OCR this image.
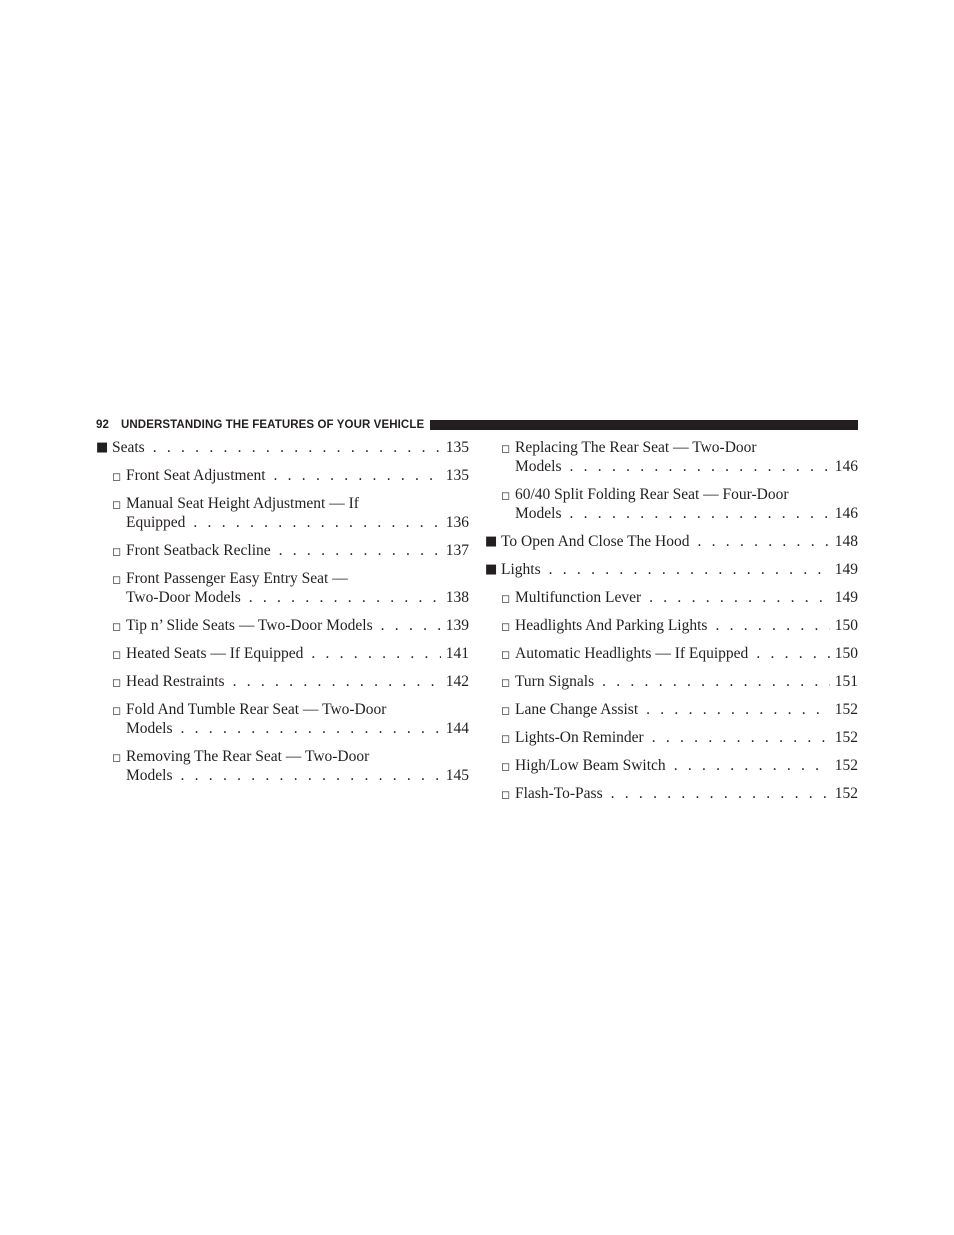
92 UNDERSTANDING THE FEATURES OF YOUR VEHICLE
■ Seats . . .	135
◻ Front Seat Adjustment . . .	135
◻ Manual Seat Height Adjustment — If
Equipped . . .	136
◻ Front Seatback Recline . . .	137
◻ Front Passenger Easy Entry Seat —
Two-Door Models . . .	138
◻ Tip n’ Slide Seats — Two-Door Models . . .	139
◻ Heated Seats — If Equipped . . .	141
◻ Head Restraints . . .	142
◻ Fold And Tumble Rear Seat — Two-Door
Models . . .	144
◻ Removing The Rear Seat — Two-Door
Models . . .	145
◻ Replacing The Rear Seat — Two-Door
Models . . .	146
◻ 60/40 Split Folding Rear Seat — Four-Door
Models . . .	146
■ To Open And Close The Hood . . .	148
■ Lights . . .	149
◻ Multifunction Lever . . .	149
◻ Headlights And Parking Lights . . .	150
◻ Automatic Headlights — If Equipped . . .	150
◻ Turn Signals . . .	151
◻ Lane Change Assist . . .	152
◻ Lights-On Reminder . . .	152
◻ High/Low Beam Switch . . .	152
◻ Flash-To-Pass . . .	152
